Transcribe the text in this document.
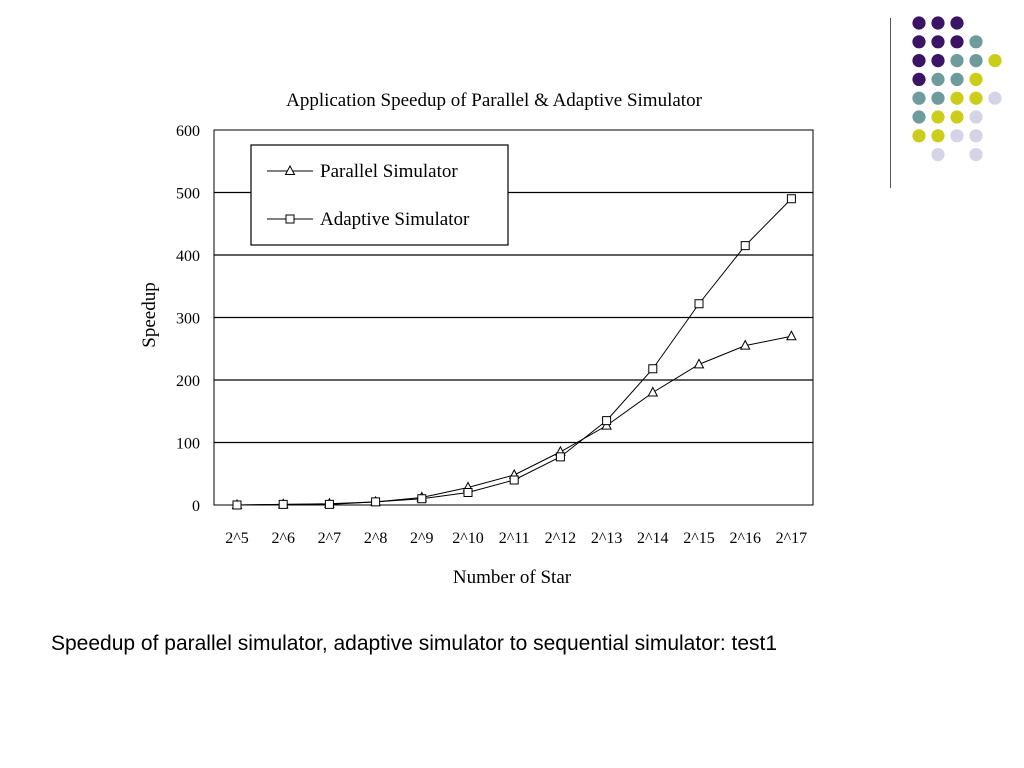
Application Speedup of Parallel & Adaptive Simulator
0
100
200
300
400
500
600
2^5 2^6 2^7 2^8 2^9 2^10 2^11 2^12 2^13 2^14 2^15 2^16 2^17
Parallel Simulator
Adaptive Simulator
Number of Star
Speedup
Speedup of parallel simulator, adaptive simulator to sequential simulator: test1
